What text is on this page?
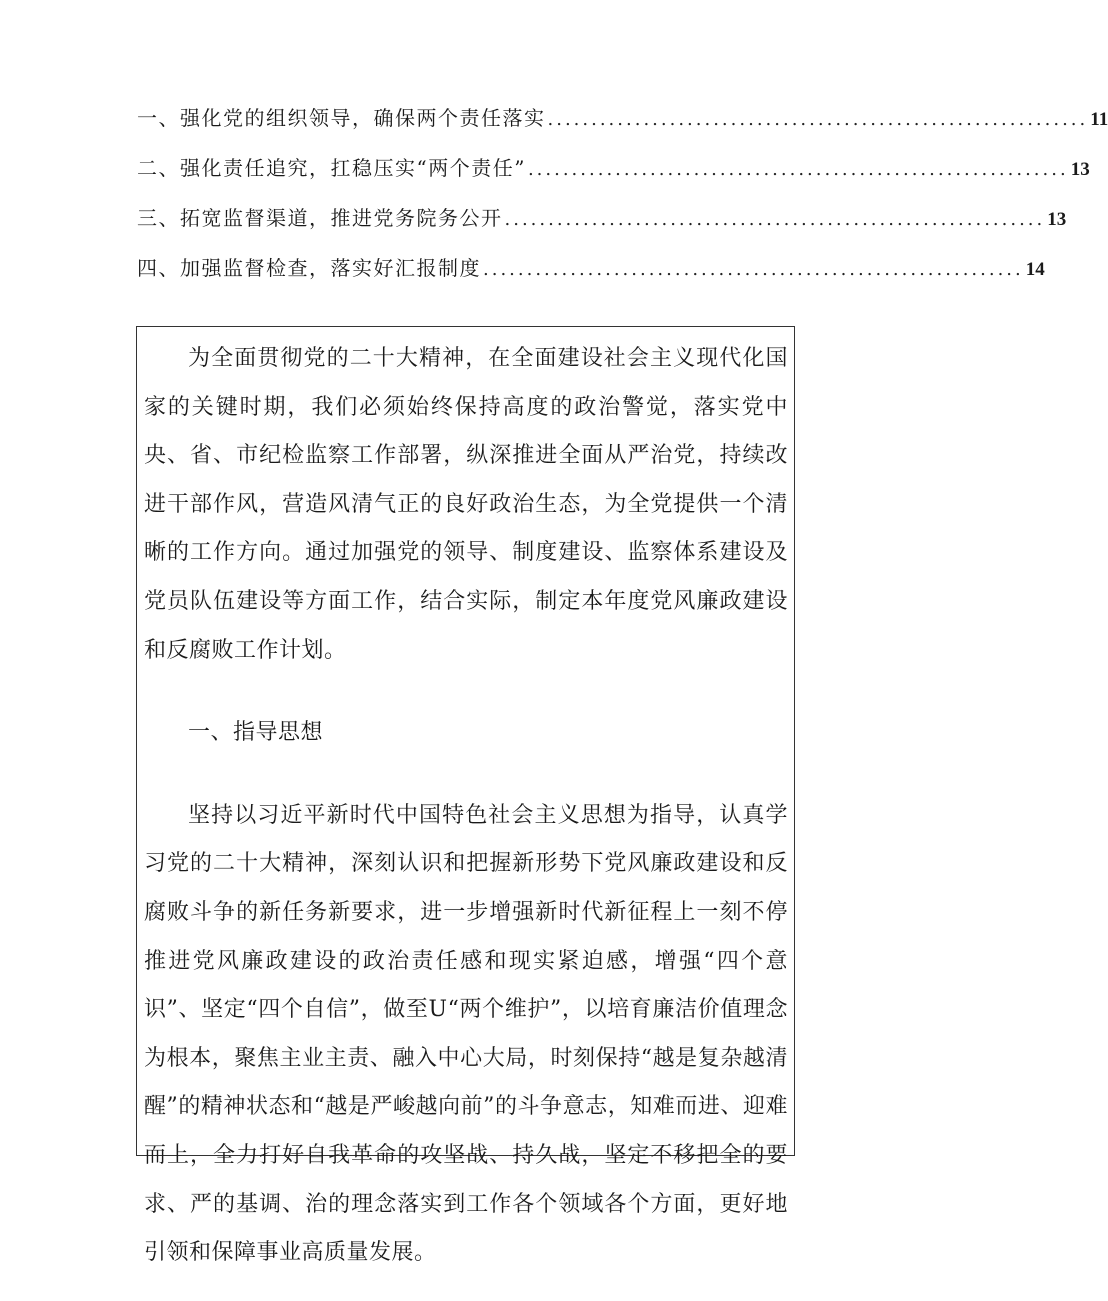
一、强化党的组织领导，确保两个责任落实 .............................................................. 11
二、强化责任追究，扛稳压实“两个责任” .............................................................. 13
三、拓宽监督渠道，推进党务院务公开 .............................................................. 13
四、加强监督检查，落实好汇报制度 .............................................................. 14

为全面贯彻党的二十大精神，在全面建设社会主义现代化国家的关键时期，我们必须始终保持高度的政治警觉，落实党中央、省、市纪检监察工作部署，纵深推进全面从严治党，持续改进干部作风，营造风清气正的良好政治生态，为全党提供一个清晰的工作方向。通过加强党的领导、制度建设、监察体系建设及党员队伍建设等方面工作，结合实际，制定本年度党风廉政建设和反腐败工作计划。

一、指导思想

坚持以习近平新时代中国特色社会主义思想为指导，认真学习党的二十大精神，深刻认识和把握新形势下党风廉政建设和反腐败斗争的新任务新要求，进一步增强新时代新征程上一刻不停推进党风廉政建设的政治责任感和现实紧迫感，增强“四个意识”、坚定“四个自信”，做至U“两个维护”，以培育廉洁价值理念为根本，聚焦主业主责、融入中心大局，时刻保持“越是复杂越清醒”的精神状态和“越是严峻越向前”的斗争意志，知难而进、迎难而上，全力打好自我革命的攻坚战、持久战，坚定不移把全的要求、严的基调、治的理念落实到工作各个领域各个方面，更好地引领和保障事业高质量发展。
